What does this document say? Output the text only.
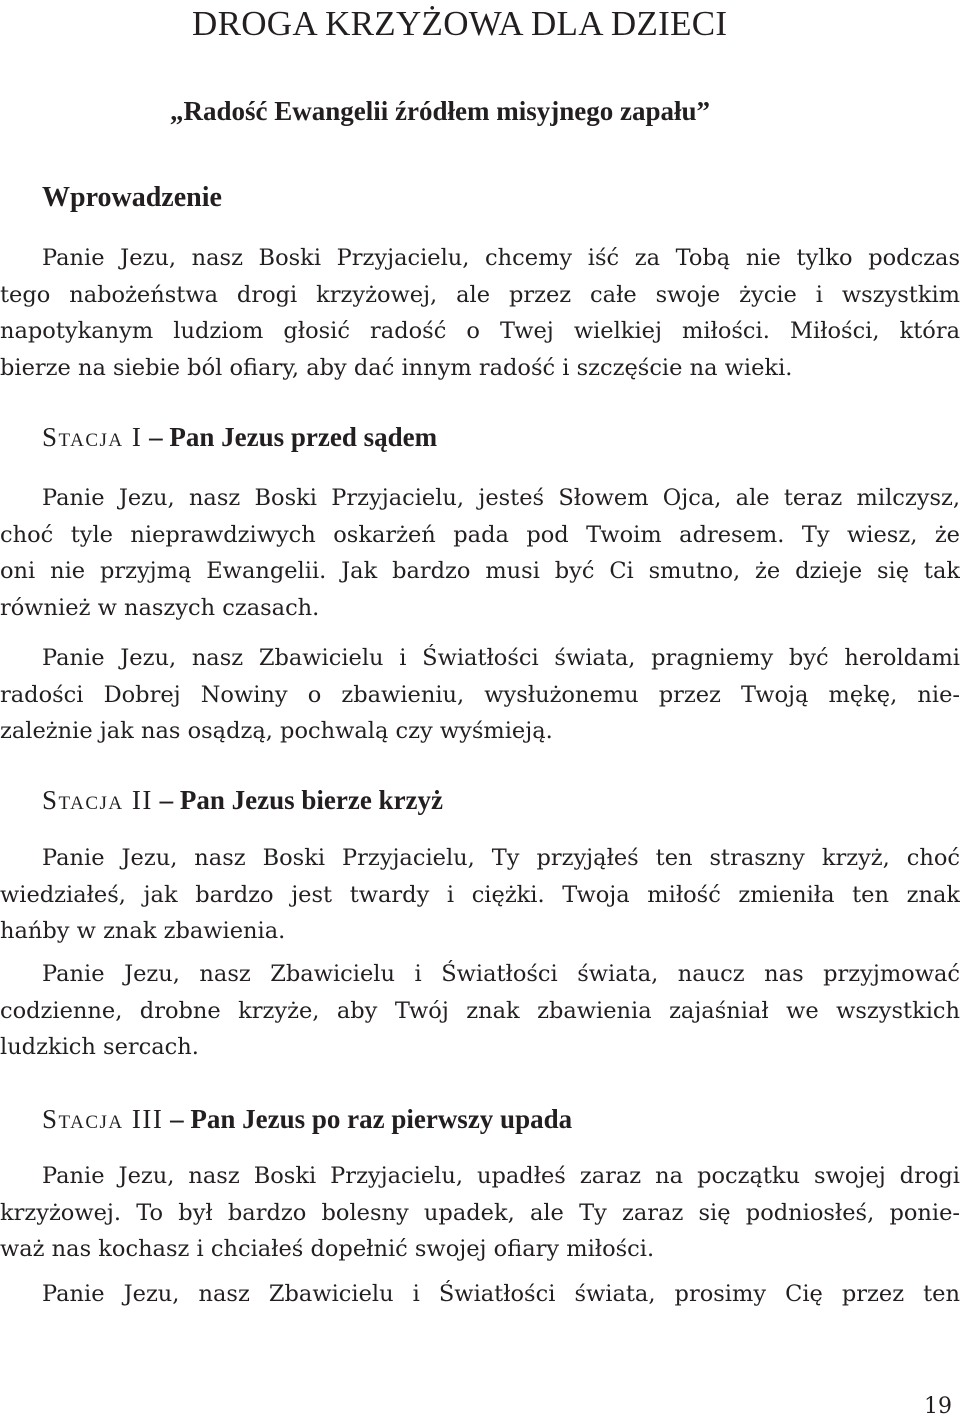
DROGA KRZYŻOWA DLA DZIECI
„Radość Ewangelii źródłem misyjnego zapału”
Wprowadzenie

Panie Jezu, nasz Boski Przyjacielu, chcemy iść za Tobą nie tylko podczas
tego nabożeństwa drogi krzyżowej, ale przez całe swoje życie i wszystkim
napotykanym ludziom głosić radość o Twej wielkiej miłości. Miłości, która
bierze na siebie ból ofiary, aby dać innym radość i szczęście na wieki.

Stacja I – Pan Jezus przed sądem

Panie Jezu, nasz Boski Przyjacielu, jesteś Słowem Ojca, ale teraz milczysz,
choć tyle nieprawdziwych oskarżeń pada pod Twoim adresem. Ty wiesz, że
oni nie przyjmą Ewangelii. Jak bardzo musi być Ci smutno, że dzieje się tak
również w naszych czasach.

Panie Jezu, nasz Zbawicielu i Światłości świata, pragniemy być heroldami
radości Dobrej Nowiny o zbawieniu, wysłużonemu przez Twoją mękę, nie-
zależnie jak nas osądzą, pochwalą czy wyśmieją.

Stacja II – Pan Jezus bierze krzyż

Panie Jezu, nasz Boski Przyjacielu, Ty przyjąłeś ten straszny krzyż, choć
wiedziałeś, jak bardzo jest twardy i ciężki. Twoja miłość zmieniła ten znak
hańby w znak zbawienia.

Panie Jezu, nasz Zbawicielu i Światłości świata, naucz nas przyjmować
codzienne, drobne krzyże, aby Twój znak zbawienia zajaśniał we wszystkich
ludzkich sercach.

Stacja III – Pan Jezus po raz pierwszy upada

Panie Jezu, nasz Boski Przyjacielu, upadłeś zaraz na początku swojej drogi
krzyżowej. To był bardzo bolesny upadek, ale Ty zaraz się podniosłeś, ponie-
waż nas kochasz i chciałeś dopełnić swojej ofiary miłości.

Panie Jezu, nasz Zbawicielu i Światłości świata, prosimy Cię przez ten

19
